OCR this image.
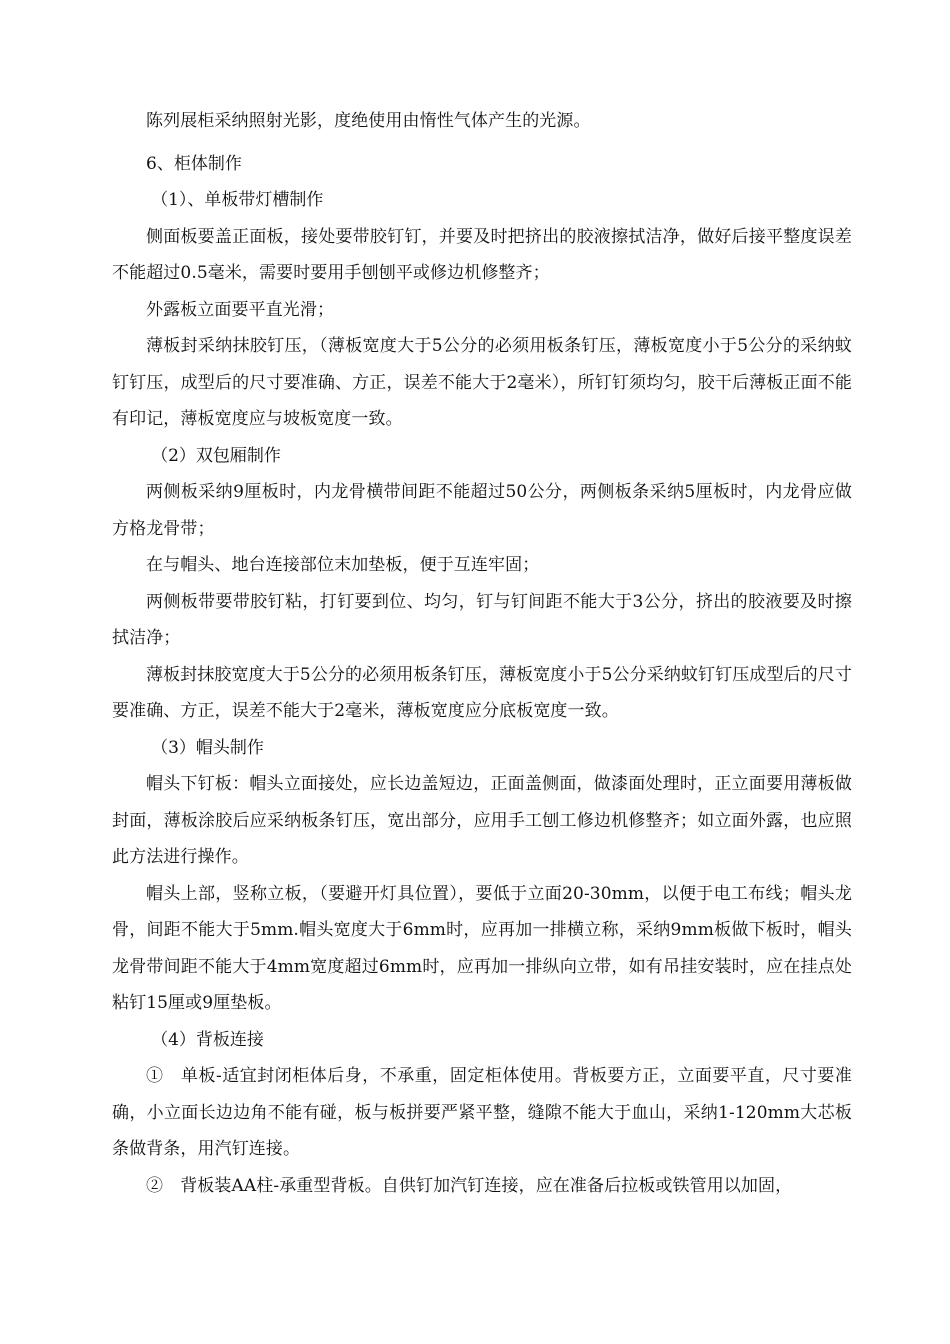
陈列展柜采纳照射光影，度绝使用由惰性气体产生的光源。

6、柜体制作

（1）、单板带灯槽制作

侧面板要盖正面板，接处要带胶钉钉，并要及时把挤出的胶液擦拭洁净，做好后接平整度误差不能超过0.5毫米，需要时要用手刨刨平或修边机修整齐；

外露板立面要平直光滑；

薄板封采纳抹胶钉压，（薄板宽度大于5公分的必须用板条钉压，薄板宽度小于5公分的采纳蚊钉钉压，成型后的尺寸要准确、方正，误差不能大于2毫米），所钉钉须均匀，胶干后薄板正面不能有印记，薄板宽度应与坡板宽度一致。

（2）双包厢制作

两侧板采纳9厘板时，内龙骨横带间距不能超过50公分，两侧板条采纳5厘板时，内龙骨应做方格龙骨带；

在与帽头、地台连接部位末加垫板，便于互连牢固；

两侧板带要带胶钉粘，打钉要到位、均匀，钉与钉间距不能大于3公分，挤出的胶液要及时擦拭洁净；

薄板封抹胶宽度大于5公分的必须用板条钉压，薄板宽度小于5公分采纳蚊钉钉压成型后的尺寸要准确、方正，误差不能大于2毫米，薄板宽度应分底板宽度一致。

（3）帽头制作

帽头下钉板：帽头立面接处，应长边盖短边，正面盖侧面，做漆面处理时，正立面要用薄板做封面，薄板涂胶后应采纳板条钉压，宽出部分，应用手工刨工修边机修整齐；如立面外露，也应照此方法进行操作。

帽头上部，竖称立板，（要避开灯具位置），要低于立面20-30mm，以便于电工布线；帽头龙骨，间距不能大于5mm.帽头宽度大于6mm时，应再加一排横立称，采纳9mm板做下板时，帽头龙骨带间距不能大于4mm宽度超过6mm时，应再加一排纵向立带，如有吊挂安装时，应在挂点处粘钉15厘或9厘垫板。

（4）背板连接

①　单板-适宜封闭柜体后身，不承重，固定柜体使用。背板要方正，立面要平直，尺寸要准确，小立面长边边角不能有碰，板与板拼要严紧平整，缝隙不能大于血山，采纳1-120mm大芯板条做背条，用汽钉连接。

②　背板装AA柱-承重型背板。自供钉加汽钉连接，应在准备后拉板或铁管用以加固，
